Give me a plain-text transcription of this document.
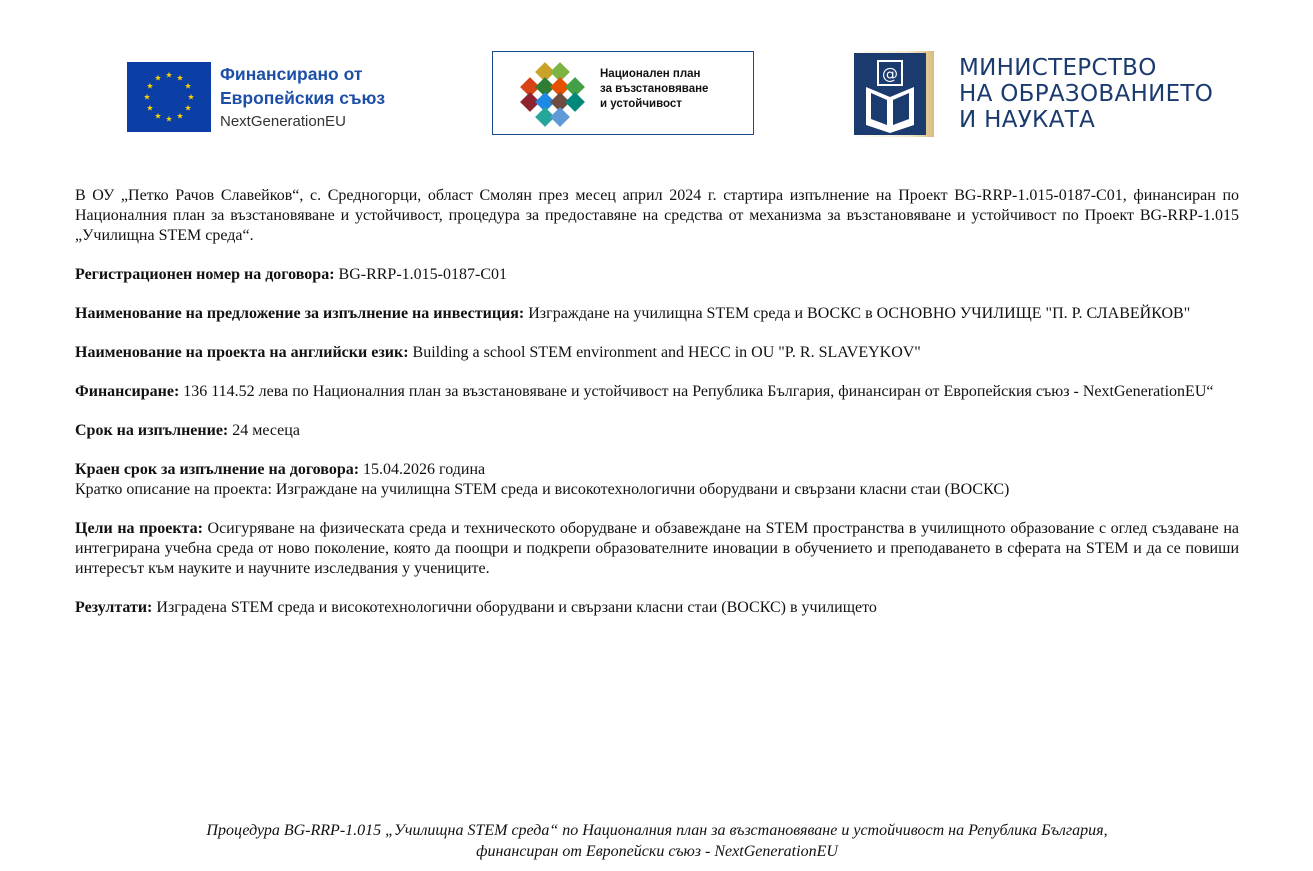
Финансирано от
Европейския съюз
NextGenerationEU
Национален план
за възстановяване
и устойчивост
@	МИНИСТЕРСТВО
НА ОБРАЗОВАНИЕТО
И НАУКАТА

В ОУ „Петко Рачов Славейков“, с. Средногорци, област Смолян през месец април 2024 г. стартира изпълнение на Проект BG-RRP-1.015-0187-C01, финансиран по Националния план за възстановяване и устойчивост, процедура за предоставяне на средства от механизма за възстановяване и устойчивост по Проект BG-RRP-1.015 „Училищна STEM среда“.

Регистрационен номер на договора: BG-RRP-1.015-0187-C01

Наименование на предложение за изпълнение на инвестиция: Изграждане на училищна STEM среда и ВОСКС в ОСНОВНО УЧИЛИЩЕ "П. Р. СЛАВЕЙКОВ"

Наименование на проекта на английски език: Building a school STEM environment and HECC in OU "P. R. SLAVEYKOV"

Финансиране: 136 114.52 лева по Националния план за възстановяване и устойчивост на Република България, финансиран от Европейския съюз - NextGenerationEU“

Срок на изпълнение: 24 месеца

Краен срок за изпълнение на договора: 15.04.2026 година

Кратко описание на проекта: Изграждане на училищна STEM среда и високотехнологични оборудвани и свързани класни стаи (ВОСКС)

Цели на проекта: Осигуряване на физическата среда и техническото оборудване и обзавеждане на STEM пространства в училищното образование с оглед създаване на интегрирана учебна среда от ново поколение, която да поощри и подкрепи образователните иновации в обучението и преподаването в сферата на STEM и да се повиши интересът към науките и научните изследвания у учениците.

Резултати: Изградена STEM среда и високотехнологични оборудвани и свързани класни стаи (ВОСКС) в училището

Процедура BG-RRP-1.015 „Училищна STEM среда“ по Националния план за възстановяване и устойчивост на Република България,
финансиран от Европейски съюз - NextGenerationEU
